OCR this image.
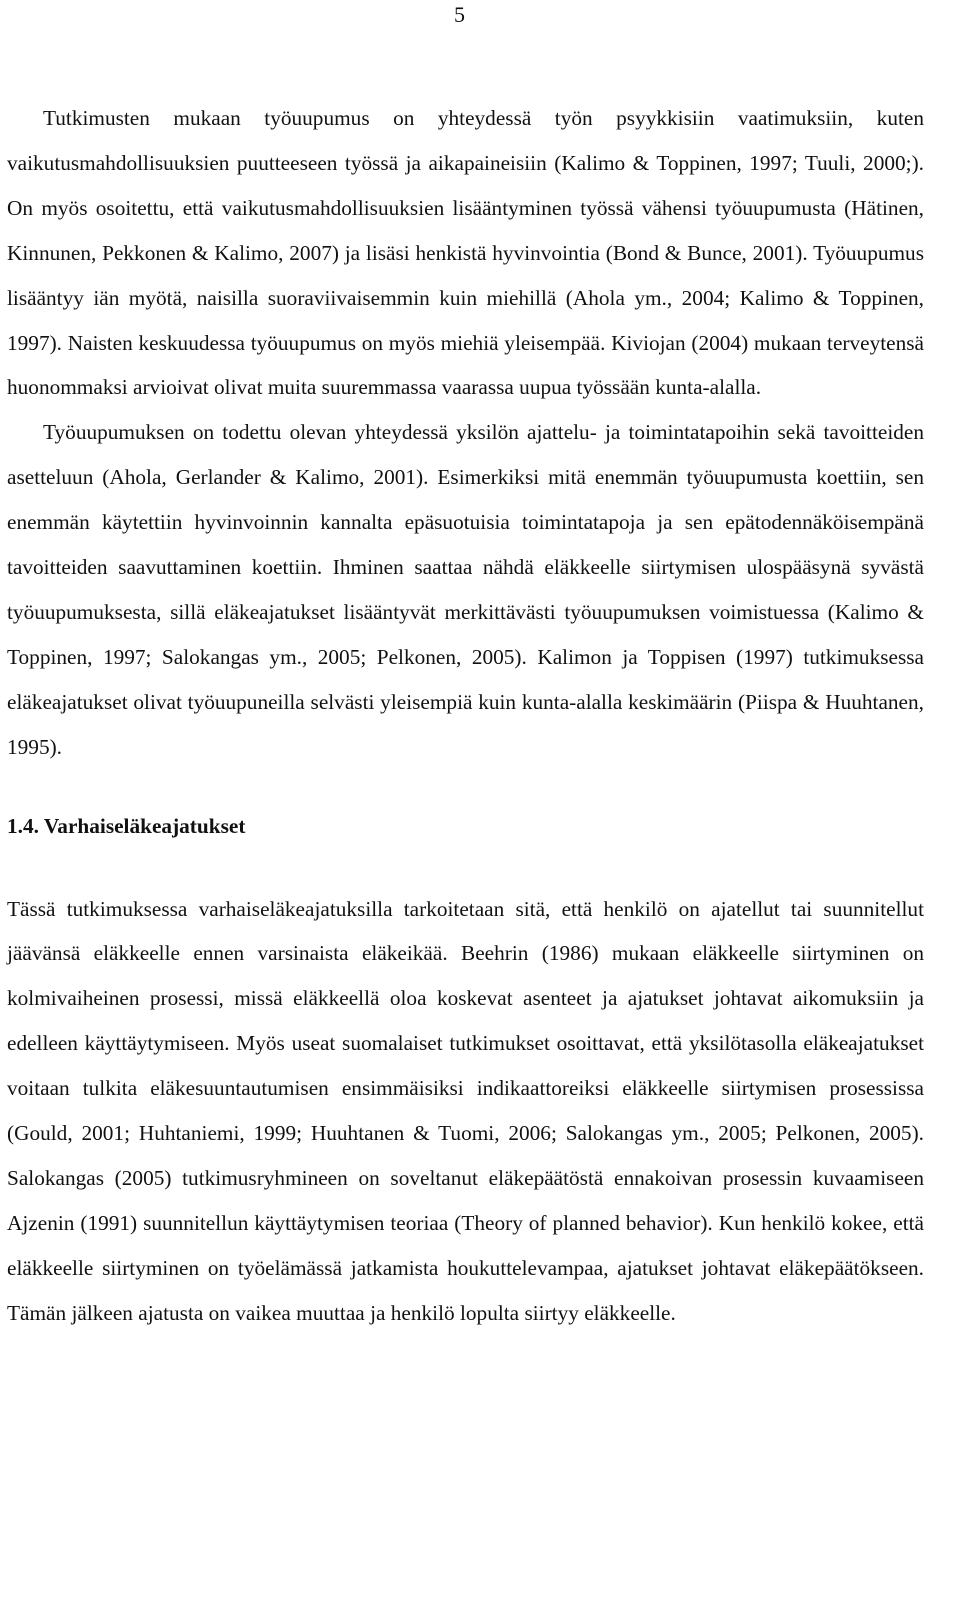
5

Tutkimusten mukaan työuupumus on yhteydessä työn psyykkisiin vaatimuksiin, kuten vaikutusmahdollisuuksien puutteeseen työssä ja aikapaineisiin (Kalimo & Toppinen, 1997; Tuuli, 2000;). On myös osoitettu, että vaikutusmahdollisuuksien lisääntyminen työssä vähensi työuupumusta (Hätinen, Kinnunen, Pekkonen & Kalimo, 2007) ja lisäsi henkistä hyvinvointia (Bond & Bunce, 2001). Työuupumus lisääntyy iän myötä, naisilla suoraviivaisemmin kuin miehillä (Ahola ym., 2004; Kalimo & Toppinen, 1997). Naisten keskuudessa työuupumus on myös miehiä yleisempää. Kiviojan (2004) mukaan terveytensä huonommaksi arvioivat olivat muita suuremmassa vaarassa uupua työssään kunta-alalla.

Työuupumuksen on todettu olevan yhteydessä yksilön ajattelu- ja toimintatapoihin sekä tavoitteiden asetteluun (Ahola, Gerlander & Kalimo, 2001). Esimerkiksi mitä enemmän työuupumusta koettiin, sen enemmän käytettiin hyvinvoinnin kannalta epäsuotuisia toimintatapoja ja sen epätodennäköisempänä tavoitteiden saavuttaminen koettiin. Ihminen saattaa nähdä eläkkeelle siirtymisen ulospääsynä syvästä työuupumuksesta, sillä eläkeajatukset lisääntyvät merkittävästi työuupumuksen voimistuessa (Kalimo & Toppinen, 1997; Salokangas ym., 2005; Pelkonen, 2005). Kalimon ja Toppisen (1997) tutkimuksessa eläkeajatukset olivat työuupuneilla selvästi yleisempiä kuin kunta-alalla keskimäärin (Piispa & Huuhtanen, 1995).

1.4. Varhaiseläkeajatukset

Tässä tutkimuksessa varhaiseläkeajatuksilla tarkoitetaan sitä, että henkilö on ajatellut tai suunnitellut jäävänsä eläkkeelle ennen varsinaista eläkeikää. Beehrin (1986) mukaan eläkkeelle siirtyminen on kolmivaiheinen prosessi, missä eläkkeellä oloa koskevat asenteet ja ajatukset johtavat aikomuksiin ja edelleen käyttäytymiseen. Myös useat suomalaiset tutkimukset osoittavat, että yksilötasolla eläkeajatukset voitaan tulkita eläkesuuntautumisen ensimmäisiksi indikaattoreiksi eläkkeelle siirtymisen prosessissa (Gould, 2001; Huhtaniemi, 1999; Huuhtanen & Tuomi, 2006; Salokangas ym., 2005; Pelkonen, 2005). Salokangas (2005) tutkimusryhmineen on soveltanut eläkepäätöstä ennakoivan prosessin kuvaamiseen Ajzenin (1991) suunnitellun käyttäytymisen teoriaa (Theory of planned behavior). Kun henkilö kokee, että eläkkeelle siirtyminen on työelämässä jatkamista houkuttelevampaa, ajatukset johtavat eläkepäätökseen. Tämän jälkeen ajatusta on vaikea muuttaa ja henkilö lopulta siirtyy eläkkeelle.
